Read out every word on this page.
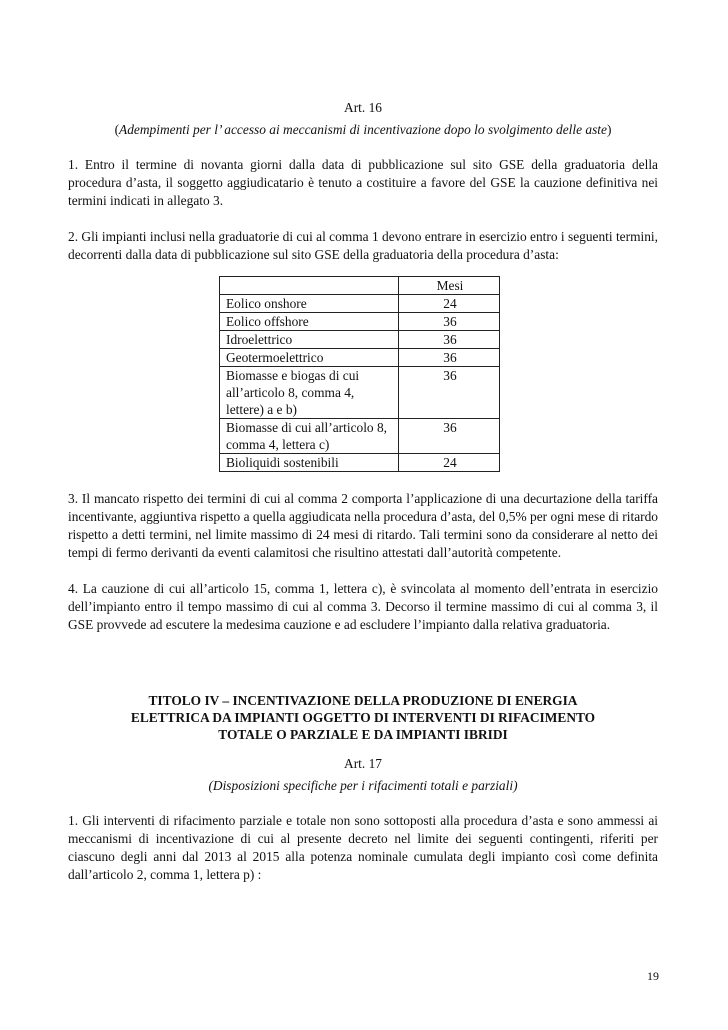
Art. 16
(Adempimenti per l’ accesso ai meccanismi di incentivazione dopo lo svolgimento delle aste)

1. Entro il termine di novanta giorni dalla data di pubblicazione sul sito GSE della graduatoria della procedura d’asta, il soggetto aggiudicatario è tenuto a costituire a favore del GSE la cauzione definitiva nei termini indicati in allegato 3.

2. Gli impianti inclusi nella graduatorie di cui al comma 1 devono entrare in esercizio entro i seguenti termini, decorrenti dalla data di pubblicazione sul sito GSE della graduatoria della procedura d’asta:

	Mesi
Eolico onshore	24
Eolico offshore	36
Idroelettrico	36
Geotermoelettrico	36
Biomasse e biogas di cui all’articolo 8, comma 4, lettere) a e b)	36
Biomasse di cui all’articolo 8, comma 4, lettera c)	36
Bioliquidi sostenibili	24

3. Il mancato rispetto dei termini di cui al comma 2 comporta l’applicazione di una decurtazione della tariffa incentivante, aggiuntiva rispetto a quella aggiudicata nella procedura d’asta, del 0,5% per ogni mese di ritardo rispetto a detti termini, nel limite massimo di 24 mesi di ritardo. Tali termini sono da considerare al netto dei tempi di fermo derivanti da eventi calamitosi che risultino attestati dall’autorità competente.

4. La cauzione di cui all’articolo 15, comma 1, lettera c), è svincolata al momento dell’entrata in esercizio dell’impianto entro il tempo massimo di cui al comma 3. Decorso il termine massimo di cui al comma 3, il GSE provvede ad escutere la medesima cauzione e ad escludere l’impianto dalla relativa graduatoria.

TITOLO IV – INCENTIVAZIONE DELLA PRODUZIONE DI ENERGIA
ELETTRICA DA IMPIANTI OGGETTO DI INTERVENTI DI RIFACIMENTO
TOTALE O PARZIALE E DA IMPIANTI IBRIDI
Art. 17
(Disposizioni specifiche per i rifacimenti totali e parziali)

1. Gli interventi di rifacimento parziale e totale non sono sottoposti alla procedura d’asta e sono ammessi ai meccanismi di incentivazione di cui al presente decreto nel limite dei seguenti contingenti, riferiti per ciascuno degli anni dal 2013 al 2015 alla potenza nominale cumulata degli impianto così come definita dall’articolo 2, comma 1, lettera p) :

19
